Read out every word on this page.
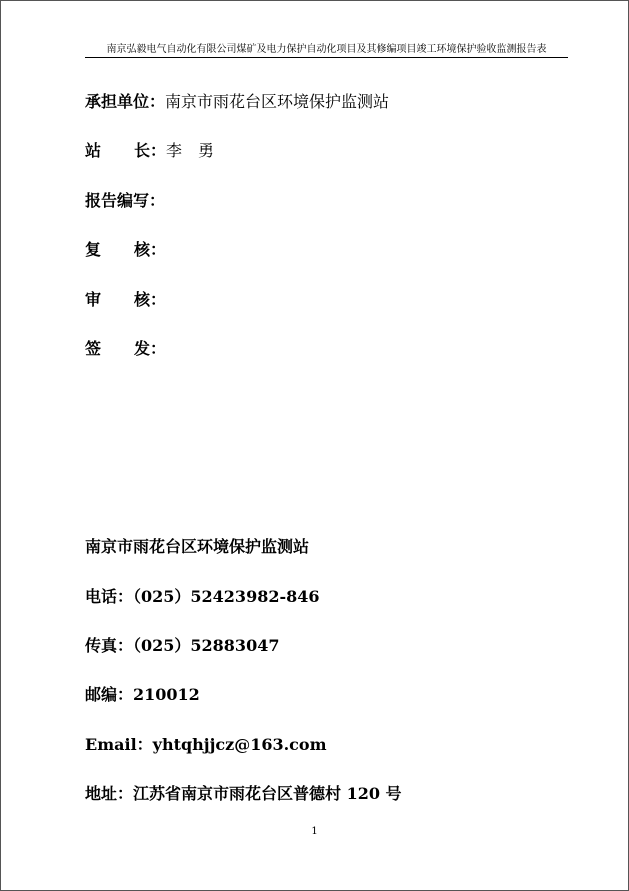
南京弘毅电气自动化有限公司煤矿及电力保护自动化项目及其修编项目竣工环境保护验收监测报告表
承担单位：南京市雨花台区环境保护监测站
站 长：李　勇
报告编写：
复 核：
审 核：
签 发：
南京市雨花台区环境保护监测站
电话：（025）52423982-846
传真：（025）52883047
邮编：210012
Email：yhtqhjjcz@163.com
地址：江苏省南京市雨花台区普德村 120 号
1
